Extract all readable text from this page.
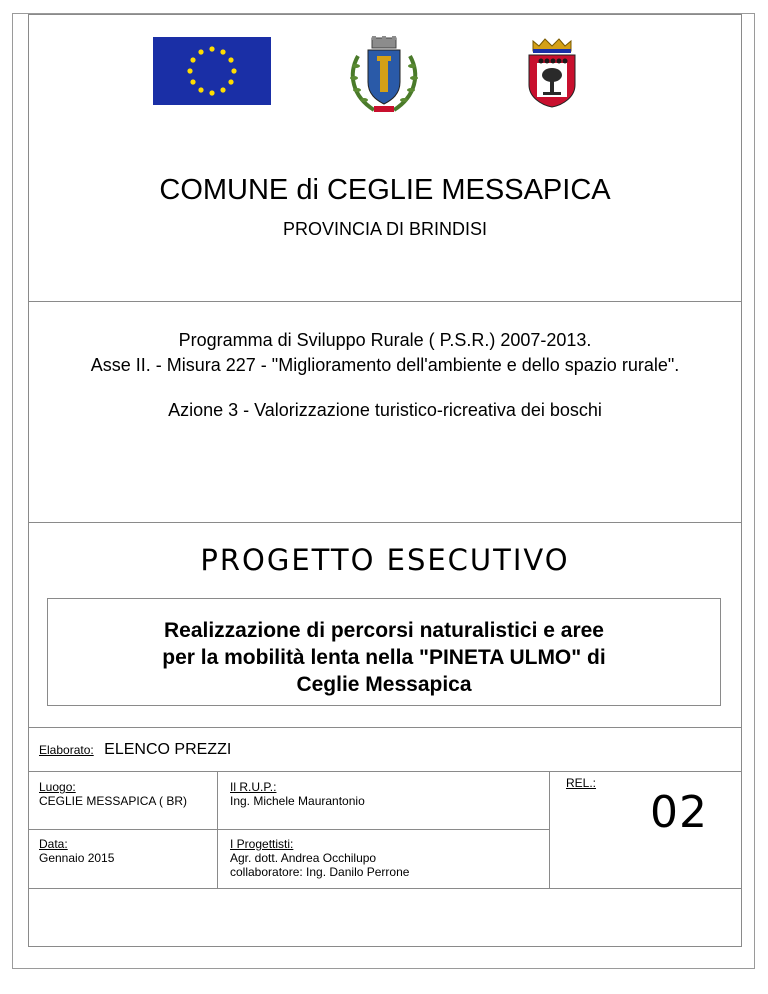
COMUNE di CEGLIE MESSAPICA
PROVINCIA DI BRINDISI
Programma di Sviluppo Rurale ( P.S.R.) 2007-2013.
Asse II. - Misura 227 - "Miglioramento dell'ambiente e dello spazio rurale".
Azione 3 - Valorizzazione turistico-ricreativa dei boschi
PROGETTO ESECUTIVO
Realizzazione di percorsi naturalistici e aree
per la mobilità lenta nella "PINETA ULMO" di
Ceglie Messapica
Elaborato: ELENCO PREZZI
Luogo:
CEGLIE MESSAPICA ( BR)
Il R.U.P.:
Ing. Michele Maurantonio
REL.:
02
Data:
Gennaio 2015
I Progettisti:
Agr. dott. Andrea Occhilupo
collaboratore: Ing. Danilo Perrone
